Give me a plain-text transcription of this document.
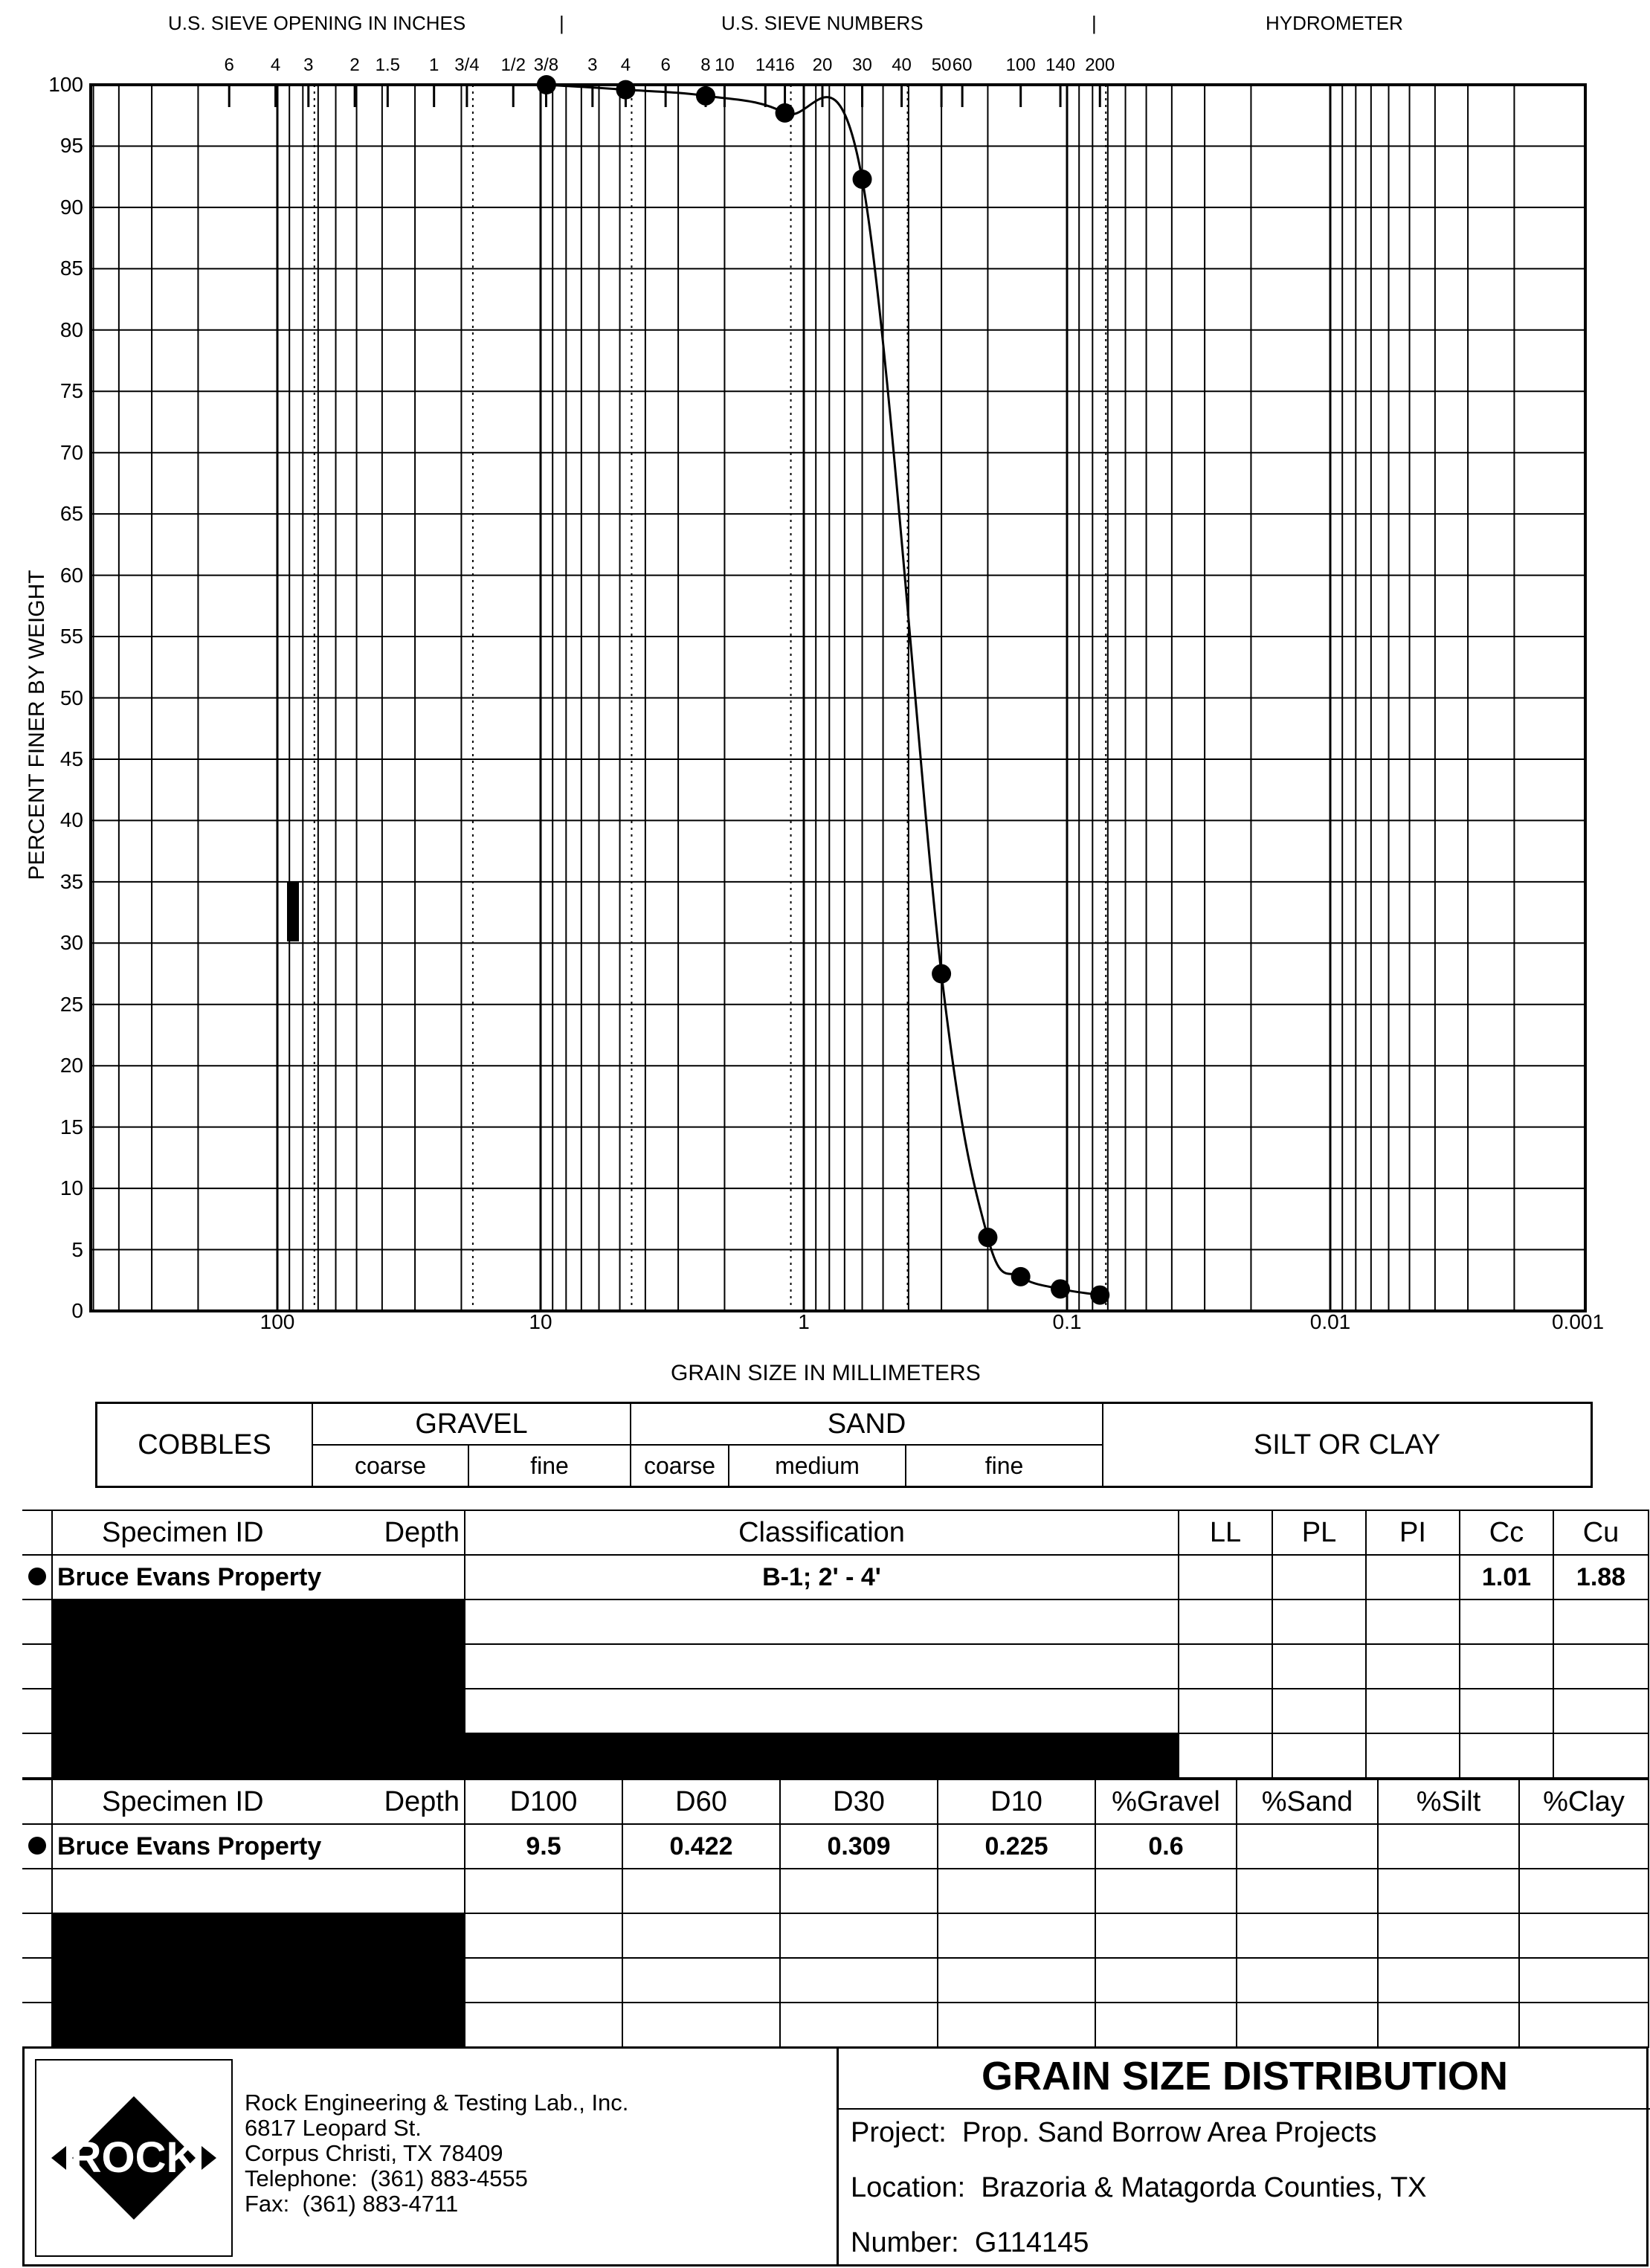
U.S. SIEVE OPENING IN INCHES	|	U.S. SIEVE NUMBERS	|	HYDROMETER
6 4 3 2 1.5 1 3/4 1/2 3/8 3 4 6 8 10 14 16 20 30 40 50 60 100 140 200
100
95
90
85
80
75
70
65
60
55
50
45
40
35
30
25
20
15
10
5
0	100	10	1	0.1	0.01	0.001
PERCENT FINER BY WEIGHT
GRAIN SIZE IN MILLIMETERS
COBBLES
GRAVEL
coarse	fine
SAND
coarse	medium	fine
SILT OR CLAY
	Specimen ID Depth	Classification	LL	PL	PI	Cc	Cu
	Bruce Evans Property	B-1; 2' - 4'				1.01	1.88

	Specimen ID Depth	D100	D60	D30	D10	%Gravel	%Sand	%Silt	%Clay
	Bruce Evans Property	9.5	0.422	0.309	0.225	0.6			

ROCK
Rock Engineering & Testing Lab., Inc.
6817 Leopard St.
Corpus Christi, TX 78409
Telephone:  (361) 883-4555
Fax:  (361) 883-4711
GRAIN SIZE DISTRIBUTION
Project: Prop. Sand Borrow Area Projects
Location: Brazoria & Matagorda Counties, TX
Number: G114145
